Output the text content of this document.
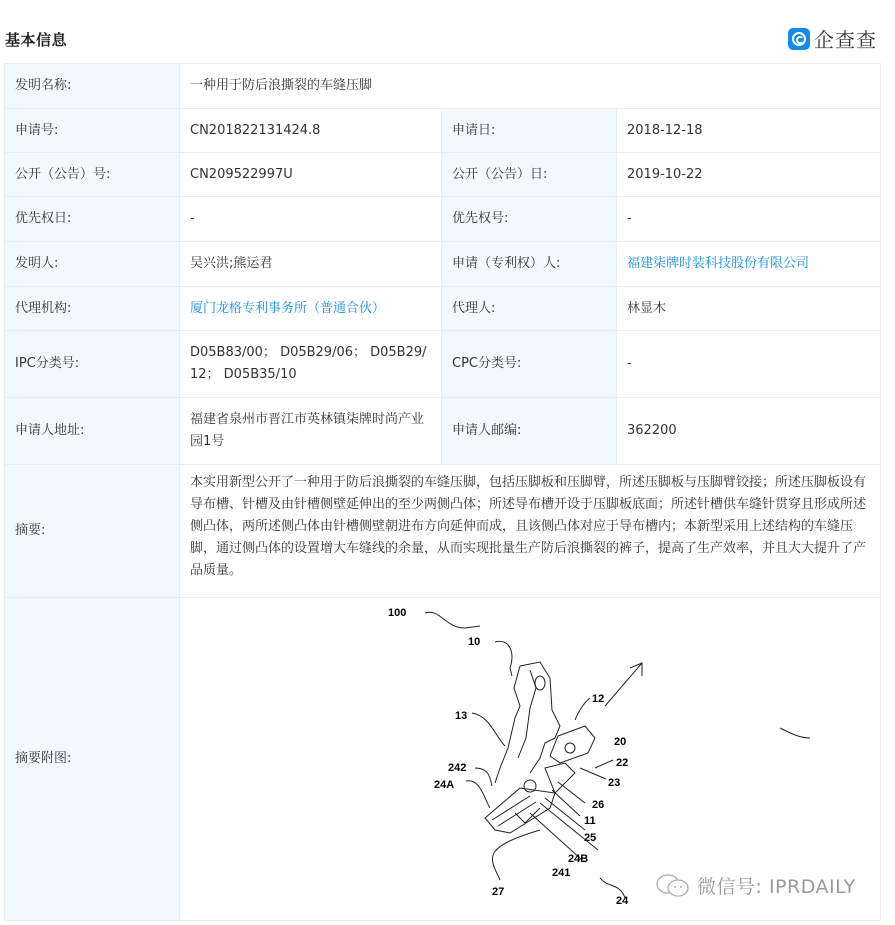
基本信息	企查查
发明名称:	一种用于防后浪撕裂的车缝压脚		
申请号:	CN201822131424.8	申请日:	2018-12-18
公开（公告）号:	CN209522997U	公开（公告）日:	2019-10-22
优先权日:	-	优先权号:	-
发明人:	吴兴洪;熊运君	申请（专利权）人:	福建柒牌时装科技股份有限公司
代理机构:	厦门龙格专利事务所（普通合伙）	代理人:	林显木
IPC分类号:	D05B83/00； D05B29/06； D05B29/12； D05B35/10	CPC分类号:	-
申请人地址:	福建省泉州市晋江市英林镇柒牌时尚产业园1号	申请人邮编:	362200
摘要:	本实用新型公开了一种用于防后浪撕裂的车缝压脚，包括压脚板和压脚臂，所述压脚板与压脚臂铰接；所述压脚板设有导布槽、针槽及由针槽侧壁延伸出的至少两侧凸体；所述导布槽开设于压脚板底面；所述针槽供车缝针贯穿且形成所述侧凸体，两所述侧凸体由针槽侧壁朝进布方向延伸而成，且该侧凸体对应于导布槽内；本新型采用上述结构的车缝压脚，通过侧凸体的设置增大车缝线的余量，从而实现批量生产防后浪撕裂的裤子，提高了生产效率，并且大大提升了产品质量。		
摘要附图:	
100
10
12
13
20
22
23
242
24A
26
11
25
24B
241
27
24
微信号: IPRDAILY
